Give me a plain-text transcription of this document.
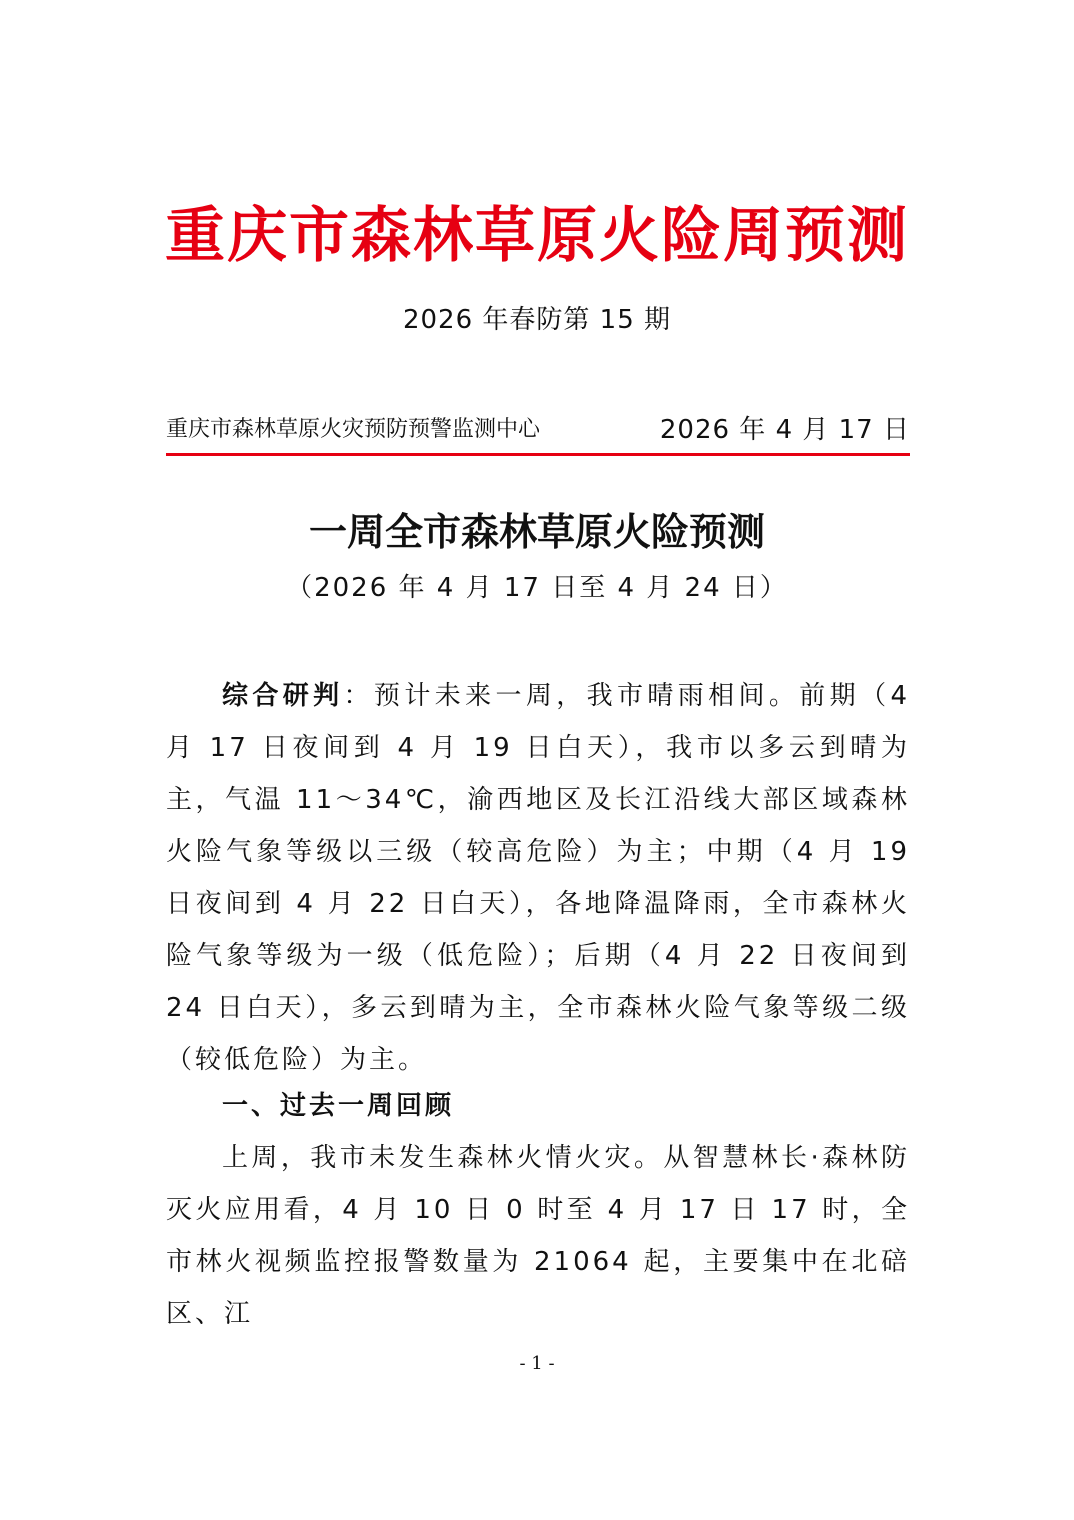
重庆市森林草原火险周预测
2026 年春防第 15 期
重庆市森林草原火灾预防预警监测中心	2026 年 4 月 17 日
一周全市森林草原火险预测
（2026 年 4 月 17 日至 4 月 24 日）

综合研判：预计未来一周，我市晴雨相间。前期（4 月 17 日夜间到 4 月 19 日白天），我市以多云到晴为主，气温 11～34℃，渝西地区及长江沿线大部区域森林火险气象等级以三级（较高危险）为主；中期（4 月 19 日夜间到 4 月 22 日白天），各地降温降雨，全市森林火险气象等级为一级（低危险）；后期（4 月 22 日夜间到 24 日白天），多云到晴为主，全市森林火险气象等级二级（较低危险）为主。

一、过去一周回顾

上周，我市未发生森林火情火灾。从智慧林长·森林防灭火应用看，4 月 10 日 0 时至 4 月 17 日 17 时，全市林火视频监控报警数量为 21064 起，主要集中在北碚区、江

- 1 -
